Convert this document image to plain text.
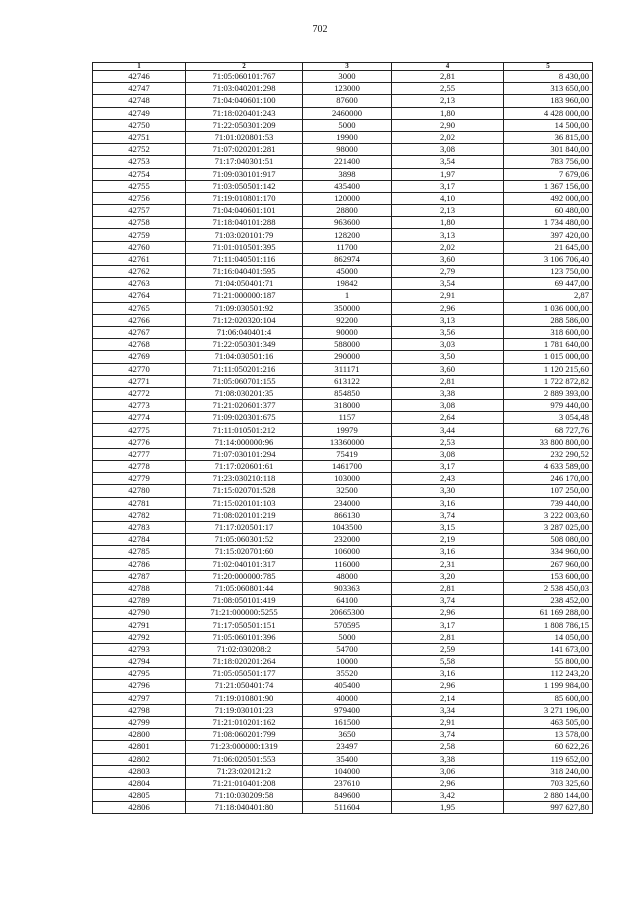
702
1	2	3	4	5
42746	71:05:060101:767	3000	2,81	8 430,00
42747	71:03:040201:298	123000	2,55	313 650,00
42748	71:04:040601:100	87600	2,13	183 960,00
42749	71:18:020401:243	2460000	1,80	4 428 000,00
42750	71:22:050301:209	5000	2,90	14 500,00
42751	71:01:020801:53	19900	2,02	36 815,00
42752	71:07:020201:281	98000	3,08	301 840,00
42753	71:17:040301:51	221400	3,54	783 756,00
42754	71:09:030101:917	3898	1,97	7 679,06
42755	71:03:050501:142	435400	3,17	1 367 156,00
42756	71:19:010801:170	120000	4,10	492 000,00
42757	71:04:040601:101	28800	2,13	60 480,00
42758	71:18:040101:288	963600	1,80	1 734 480,00
42759	71:03:020101:79	128200	3,13	397 420,00
42760	71:01:010501:395	11700	2,02	21 645,00
42761	71:11:040501:116	862974	3,60	3 106 706,40
42762	71:16:040401:595	45000	2,79	123 750,00
42763	71:04:050401:71	19842	3,54	69 447,00
42764	71:21:000000:187	1	2,91	2,87
42765	71:09:030501:92	350000	2,96	1 036 000,00
42766	71:12:020320:104	92200	3,13	288 586,00
42767	71:06:040401:4	90000	3,56	318 600,00
42768	71:22:050301:349	588000	3,03	1 781 640,00
42769	71:04:030501:16	290000	3,50	1 015 000,00
42770	71:11:050201:216	311171	3,60	1 120 215,60
42771	71:05:060701:155	613122	2,81	1 722 872,82
42772	71:08:030201:35	854850	3,38	2 889 393,00
42773	71:21:020601:377	318000	3,08	979 440,00
42774	71:09:020301:675	1157	2,64	3 054,48
42775	71:11:010501:212	19979	3,44	68 727,76
42776	71:14:000000:96	13360000	2,53	33 800 800,00
42777	71:07:030101:294	75419	3,08	232 290,52
42778	71:17:020601:61	1461700	3,17	4 633 589,00
42779	71:23:030210:118	103000	2,43	246 170,00
42780	71:15:020701:528	32500	3,30	107 250,00
42781	71:15:020101:103	234000	3,16	739 440,00
42782	71:08:020101:219	866130	3,74	3 222 003,60
42783	71:17:020501:17	1043500	3,15	3 287 025,00
42784	71:05:060301:52	232000	2,19	508 080,00
42785	71:15:020701:60	106000	3,16	334 960,00
42786	71:02:040101:317	116000	2,31	267 960,00
42787	71:20:000000:785	48000	3,20	153 600,00
42788	71:05:060801:44	903363	2,81	2 538 450,03
42789	71:08:050101:419	64100	3,74	238 452,00
42790	71:21:000000:5255	20665300	2,96	61 169 288,00
42791	71:17:050501:151	570595	3,17	1 808 786,15
42792	71:05:060101:396	5000	2,81	14 050,00
42793	71:02:030208:2	54700	2,59	141 673,00
42794	71:18:020201:264	10000	5,58	55 800,00
42795	71:05:050501:177	35520	3,16	112 243,20
42796	71:21:050401:74	405400	2,96	1 199 984,00
42797	71:19:010801:90	40000	2,14	85 600,00
42798	71:19:030101:23	979400	3,34	3 271 196,00
42799	71:21:010201:162	161500	2,91	463 505,00
42800	71:08:060201:799	3650	3,74	13 578,00
42801	71:23:000000:1319	23497	2,58	60 622,26
42802	71:06:020501:553	35400	3,38	119 652,00
42803	71:23:020121:2	104000	3,06	318 240,00
42804	71:21:010401:208	237610	2,96	703 325,60
42805	71:10:030209:58	849600	3,42	2 880 144,00
42806	71:18:040401:80	511604	1,95	997 627,80
